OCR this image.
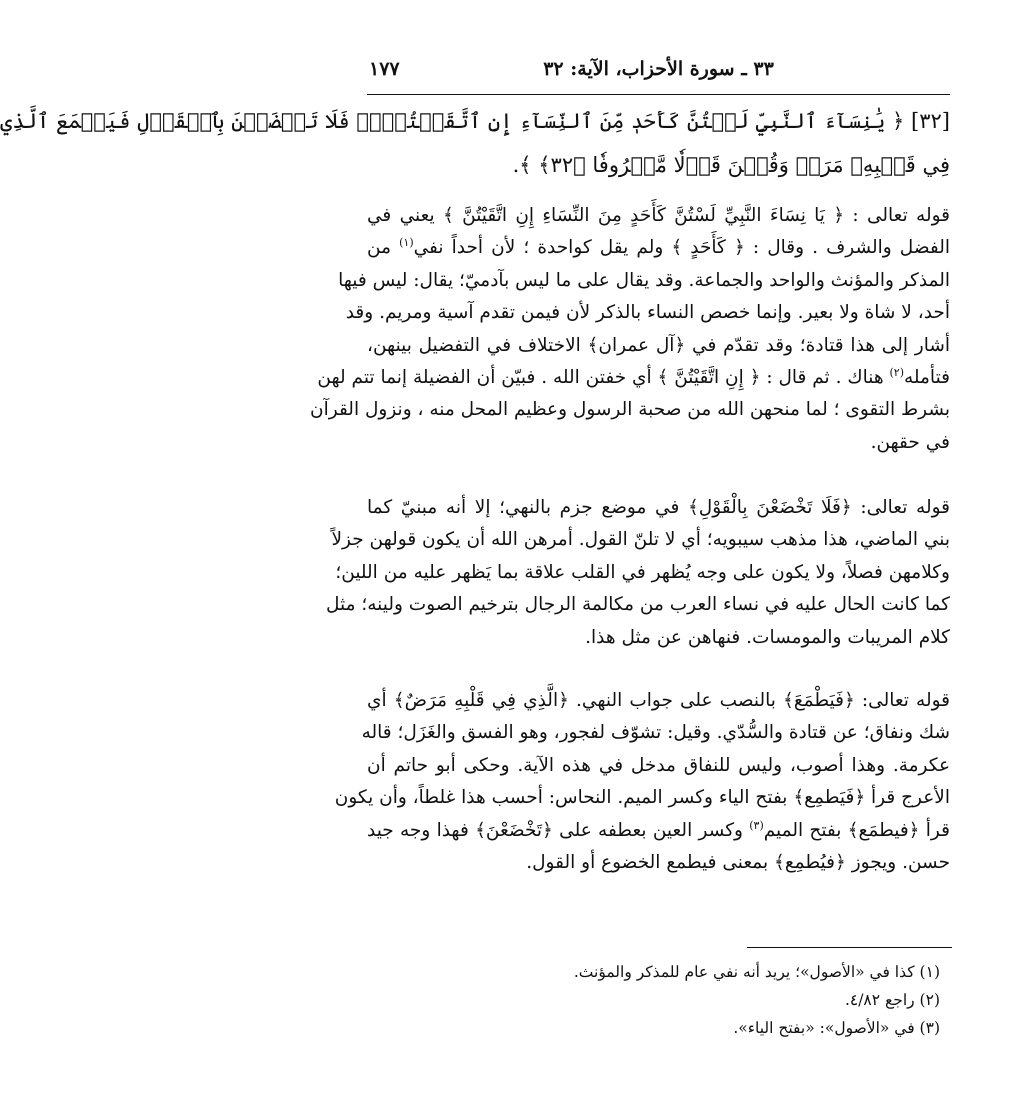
١٧٧	٣٣ ـ سورة الأحزاب، الآية: ٣٢
[٣٢] ﴿ يَٰنِسَآءَ ٱلنَّبِيِّ لَسۡتُنَّ كَأَحَدٖ مِّنَ ٱلنِّسَآءِ إِنِ ٱتَّقَيۡتُنَّۚ فَلَا تَخۡضَعۡنَ بِٱلۡقَوۡلِ فَيَطۡمَعَ ٱلَّذِي
فِي قَلۡبِهِۦ مَرَضٞ وَقُلۡنَ قَوۡلٗا مَّعۡرُوفٗا ﴿٣٢﴾ ﴾.
قوله تعالى : ﴿ يَا نِسَاءَ النَّبِيِّ لَسْتُنَّ كَأَحَدٍ مِنَ النِّسَاءِ إِنِ اتَّقَيْتُنَّ ﴾ يعني في
الفضل والشرف . وقال : ﴿ كَأَحَدٍ ﴾ ولم يقل كواحدة ؛ لأن أحداً نفي$^{(١)}$ من
المذكر والمؤنث والواحد والجماعة. وقد يقال على ما ليس بآدميّ؛ يقال: ليس فيها
أحد، لا شاة ولا بعير. وإنما خصص النساء بالذكر لأن فيمن تقدم آسية ومريم. وقد
أشار إلى هذا قتادة؛ وقد تقدّم في ﴿آل عمران﴾ الاختلاف في التفضيل بينهن،
فتأمله$^{(٢)}$ هناك . ثم قال : ﴿ إِنِ اتَّقَيْتُنَّ ﴾ أي خفتن الله . فبيّن أن الفضيلة إنما تتم لهن
بشرط التقوى ؛ لما منحهن الله من صحبة الرسول وعظيم المحل منه ، ونزول القرآن
في حقهن.
قوله تعالى: ﴿فَلَا تَخْضَعْنَ بِالْقَوْلِ﴾ في موضع جزم بالنهي؛ إلا أنه مبنيّ كما
بني الماضي، هذا مذهب سيبويه؛ أي لا تلنّ القول. أمرهن الله أن يكون قولهن جزلاً
وكلامهن فصلاً، ولا يكون على وجه يُظهر في القلب علاقة بما يَظهر عليه من اللين؛
كما كانت الحال عليه في نساء العرب من مكالمة الرجال بترخيم الصوت ولينه؛ مثل
كلام المريبات والمومسات. فنهاهن عن مثل هذا.
قوله تعالى: ﴿فَيَطْمَعَ﴾ بالنصب على جواب النهي. ﴿الَّذِي فِي قَلْبِهِ مَرَضٌ﴾ أي
شك ونفاق؛ عن قتادة والسُّدّي. وقيل: تشوّف لفجور، وهو الفسق والغَزَل؛ قاله
عكرمة. وهذا أصوب، وليس للنفاق مدخل في هذه الآية. وحكى أبو حاتم أن
الأعرج قرأ ﴿فَيَطمِع﴾ بفتح الياء وكسر الميم. النحاس: أحسب هذا غلطاً، وأن يكون
قرأ ﴿فيطمَع﴾ بفتح الميم$^{(٣)}$ وكسر العين بعطفه على ﴿تَخْضَعْنَ﴾ فهذا وجه جيد
حسن. ويجوز ﴿فيُطمِع﴾ بمعنى فيطمع الخضوع أو القول.
(١) كذا في «الأصول»؛ يريد أنه نفي عام للمذكر والمؤنث.
(٢) راجع ٤/٨٢.
(٣) في «الأصول»: «بفتح الياء».
